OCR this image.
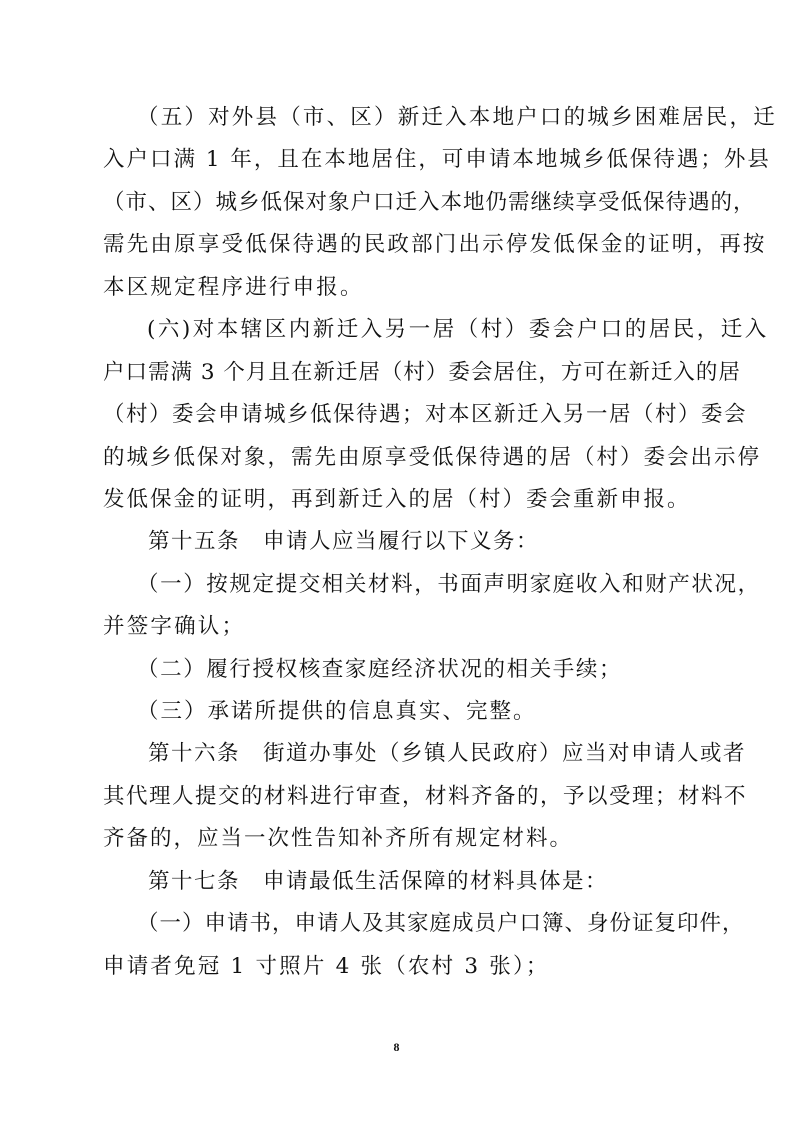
（五）对外县（市、区）新迁入本地户口的城乡困难居民，迁
入户口满 1 年，且在本地居住，可申请本地城乡低保待遇；外县
（市、区）城乡低保对象户口迁入本地仍需继续享受低保待遇的，
需先由原享受低保待遇的民政部门出示停发低保金的证明，再按
本区规定程序进行申报。
(六)对本辖区内新迁入另一居（村）委会户口的居民，迁入
户口需满 3 个月且在新迁居（村）委会居住，方可在新迁入的居
（村）委会申请城乡低保待遇；对本区新迁入另一居（村）委会
的城乡低保对象，需先由原享受低保待遇的居（村）委会出示停
发低保金的证明，再到新迁入的居（村）委会重新申报。
第十五条　申请人应当履行以下义务：
（一）按规定提交相关材料，书面声明家庭收入和财产状况，
并签字确认；
（二）履行授权核查家庭经济状况的相关手续；
（三）承诺所提供的信息真实、完整。
第十六条　街道办事处（乡镇人民政府）应当对申请人或者
其代理人提交的材料进行审查，材料齐备的，予以受理；材料不
齐备的，应当一次性告知补齐所有规定材料。
第十七条　申请最低生活保障的材料具体是：
（一）申请书，申请人及其家庭成员户口簿、身份证复印件，
申请者免冠 1 寸照片 4 张（农村 3 张）；
8
